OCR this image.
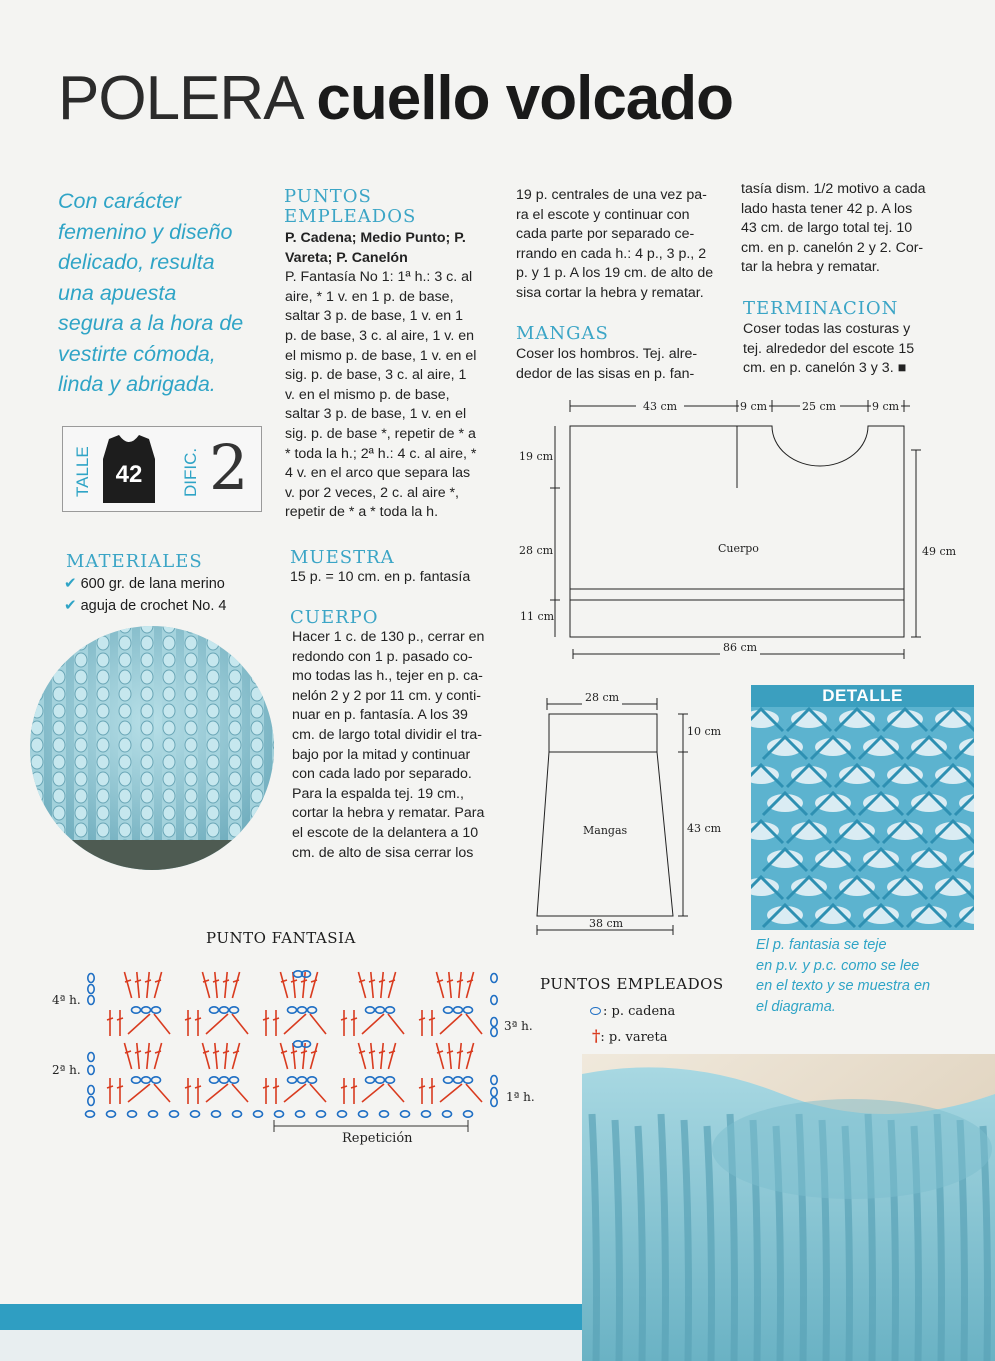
POLERA cuello volcado
Con carácter
femenino y diseño
delicado, resulta
una apuesta
segura a la hora de
vestirte cómoda,
linda y abrigada.
TALLE 42	DIFIC. 2
MATERIALES
✔ 600 gr. de lana merino
✔ aguja de crochet No. 4
PUNTOS
EMPLEADOS
P. Cadena; Medio Punto; P.
Vareta; P. Canelón
P. Fantasía No 1: 1ª h.: 3 c. al
aire, * 1 v. en 1 p. de base,
saltar 3 p. de base, 1 v. en 1
p. de base, 3 c. al aire, 1 v. en
el mismo p. de base, 1 v. en el
sig. p. de base, 3 c. al aire, 1
v. en el mismo p. de base,
saltar 3 p. de base, 1 v. en el
sig. p. de base *, repetir de * a
* toda la h.; 2ª h.: 4 c. al aire, *
4 v. en el arco que separa las
v. por 2 veces, 2 c. al aire *,
repetir de * a * toda la h.
MUESTRA
15 p. = 10 cm. en p. fantasía
CUERPO
Hacer 1 c. de 130 p., cerrar en
redondo con 1 p. pasado co-
mo todas las h., tejer en p. ca-
nelón 2 y 2 por 11 cm. y conti-
nuar en p. fantasía. A los 39
cm. de largo total dividir el tra-
bajo por la mitad y continuar
con cada lado por separado.
Para la espalda tej. 19 cm.,
cortar la hebra y rematar. Para
el escote de la delantera a 10
cm. de alto de sisa cerrar los
19 p. centrales de una vez pa-
ra el escote y continuar con
cada parte por separado ce-
rrando en cada h.: 4 p., 3 p., 2
p. y 1 p. A los 19 cm. de alto de
sisa cortar la hebra y rematar.
MANGAS
Coser los hombros. Tej. alre-
dedor de las sisas en p. fan-
tasía dism. 1/2 motivo a cada
lado hasta tener 42 p. A los
43 cm. de largo total tej. 10
cm. en p. canelón 2 y 2. Cor-
tar la hebra y rematar.
TERMINACION
Coser todas las costuras y
tej. alrededor del escote 15
cm. en p. canelón 3 y 3. ■
43 cm	9 cm	25 cm	9 cm
19 cm
28 cm
11 cm
Cuerpo	49 cm
86 cm
28 cm
10 cm
43 cm
Mangas
38 cm
DETALLE
El p. fantasia se teje
en p.v. y p.c. como se lee
en el texto y se muestra en
el diagrama.
PUNTO FANTASIA
4ª h.
3ª h.
2ª h.
1ª h.
Repetición
PUNTOS EMPLEADOS
: p. cadena
†: p. vareta
